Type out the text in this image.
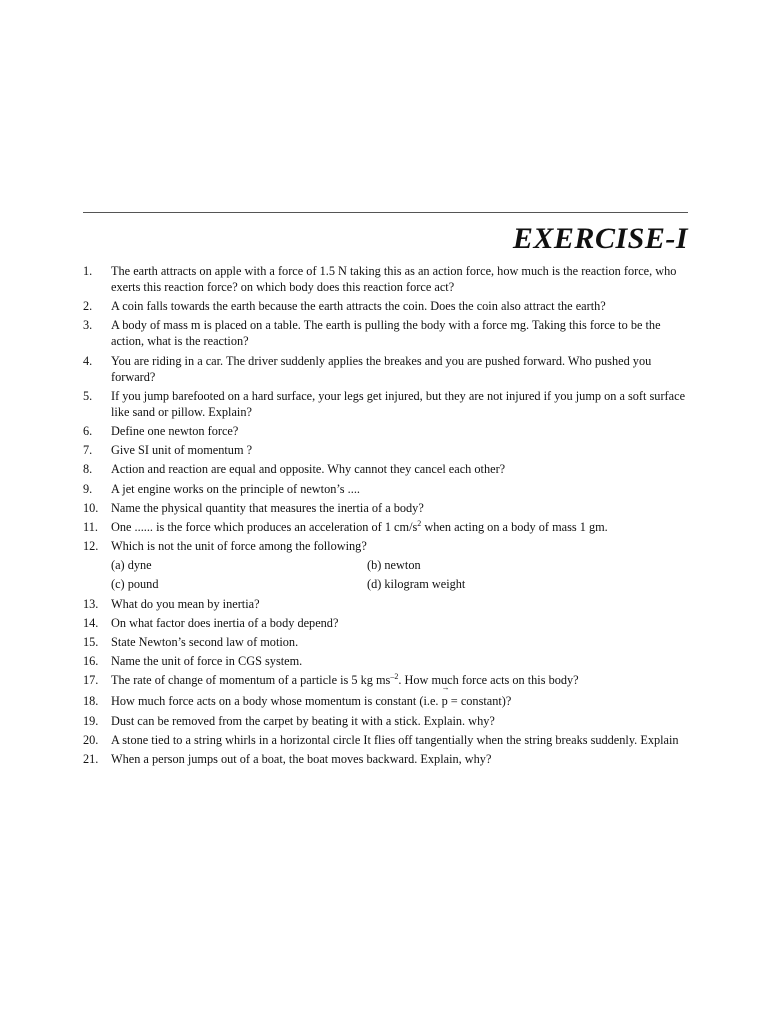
EXERCISE-I
1.	The earth attracts on apple with a force of 1.5 N taking this as an action force, how much is the reaction force, who exerts this reaction force? on which body does this reaction force act?
2.	A coin falls towards the earth because the earth attracts the coin. Does the coin also attract the earth?
3.	A body of mass m is placed on a table. The earth is pulling the body with a force mg. Taking this force to be the action, what is the reaction?
4.	You are riding in a car. The driver suddenly applies the breakes and you are pushed forward. Who pushed you forward?
5.	If you jump barefooted on a hard surface, your legs get injured, but they are not injured if you jump on a soft surface like sand or pillow. Explain?
6.	Define one newton force?
7.	Give SI unit of momentum ?
8.	Action and reaction are equal and opposite. Why cannot they cancel each other?
9.	A jet engine works on the principle of newton’s ....
10.	Name the physical quantity that measures the inertia of a body?
11.	One ...... is the force which produces an acceleration of 1 $cm/s^2$ when acting on a body of mass 1 gm.
12.	Which is not the unit of force among the following?
(a) dyne	(b) newton
(c) pound	(d) kilogram weight
13.	What do you mean by inertia?
14.	On what factor does inertia of a body depend?
15.	State Newton’s second law of motion.
16.	Name the unit of force in CGS system.
17.	The rate of change of momentum of a particle is 5 kg $ms^{-2}$. How much force acts on this body?
18.	How much force acts on a body whose momentum is constant (i.e. → p = constant)?
19.	Dust can be removed from the carpet by beating it with a stick. Explain. why?
20.	A stone tied to a string whirls in a horizontal circle It flies off tangentially when the string breaks suddenly. Explain
21.	When a person jumps out of a boat, the boat moves backward. Explain, why?
